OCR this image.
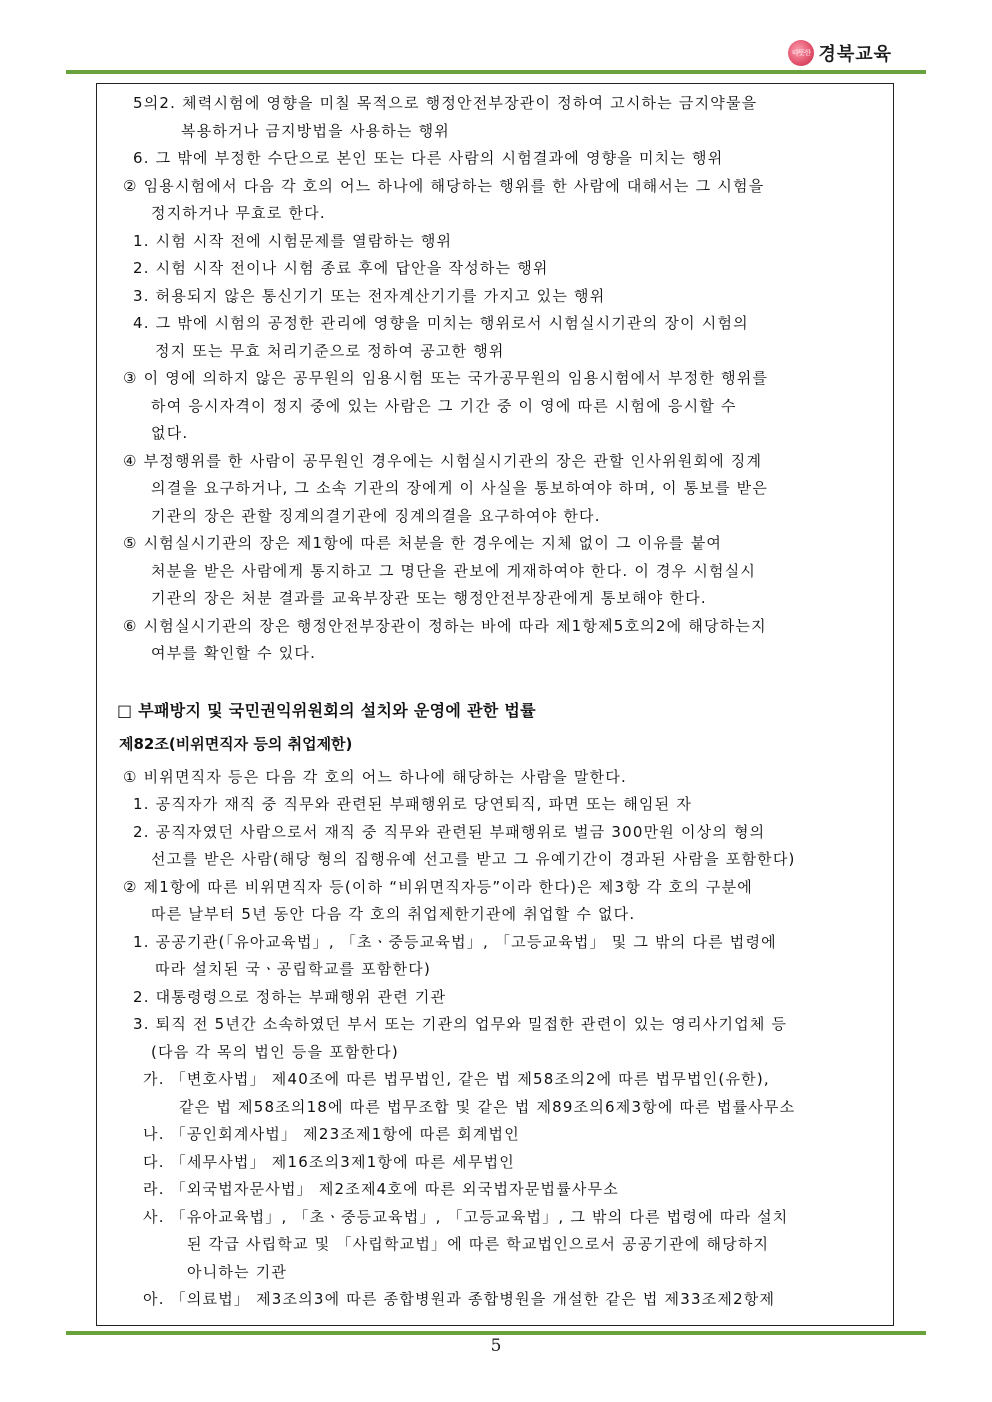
따뜻한 경북교육
5의2. 체력시험에 영향을 미칠 목적으로 행정안전부장관이 정하여 고시하는 금지약물을
복용하거나 금지방법을 사용하는 행위
6. 그 밖에 부정한 수단으로 본인 또는 다른 사람의 시험결과에 영향을 미치는 행위
② 임용시험에서 다음 각 호의 어느 하나에 해당하는 행위를 한 사람에 대해서는 그 시험을
정지하거나 무효로 한다.
1. 시험 시작 전에 시험문제를 열람하는 행위
2. 시험 시작 전이나 시험 종료 후에 답안을 작성하는 행위
3. 허용되지 않은 통신기기 또는 전자계산기기를 가지고 있는 행위
4. 그 밖에 시험의 공정한 관리에 영향을 미치는 행위로서 시험실시기관의 장이 시험의
정지 또는 무효 처리기준으로 정하여 공고한 행위
③ 이 영에 의하지 않은 공무원의 임용시험 또는 국가공무원의 임용시험에서 부정한 행위를
하여 응시자격이 정지 중에 있는 사람은 그 기간 중 이 영에 따른 시험에 응시할 수
없다.
④ 부정행위를 한 사람이 공무원인 경우에는 시험실시기관의 장은 관할 인사위원회에 징계
의결을 요구하거나, 그 소속 기관의 장에게 이 사실을 통보하여야 하며, 이 통보를 받은
기관의 장은 관할 징계의결기관에 징계의결을 요구하여야 한다.
⑤ 시험실시기관의 장은 제1항에 따른 처분을 한 경우에는 지체 없이 그 이유를 붙여
처분을 받은 사람에게 통지하고 그 명단을 관보에 게재하여야 한다. 이 경우 시험실시
기관의 장은 처분 결과를 교육부장관 또는 행정안전부장관에게 통보해야 한다.
⑥ 시험실시기관의 장은 행정안전부장관이 정하는 바에 따라 제1항제5호의2에 해당하는지
여부를 확인할 수 있다.
□ 부패방지 및 국민권익위원회의 설치와 운영에 관한 법률
제82조(비위면직자 등의 취업제한)
① 비위면직자 등은 다음 각 호의 어느 하나에 해당하는 사람을 말한다.
1. 공직자가 재직 중 직무와 관련된 부패행위로 당연퇴직, 파면 또는 해임된 자
2. 공직자였던 사람으로서 재직 중 직무와 관련된 부패행위로 벌금 300만원 이상의 형의
선고를 받은 사람(해당 형의 집행유예 선고를 받고 그 유예기간이 경과된 사람을 포함한다)
② 제1항에 따른 비위면직자 등(이하 “비위면직자등”이라 한다)은 제3항 각 호의 구분에
따른 날부터 5년 동안 다음 각 호의 취업제한기관에 취업할 수 없다.
1. 공공기관(「유아교육법」, 「초ㆍ중등교육법」, 「고등교육법」 및 그 밖의 다른 법령에
따라 설치된 국ㆍ공립학교를 포함한다)
2. 대통령령으로 정하는 부패행위 관련 기관
3. 퇴직 전 5년간 소속하였던 부서 또는 기관의 업무와 밀접한 관련이 있는 영리사기업체 등
(다음 각 목의 법인 등을 포함한다)
가. 「변호사법」 제40조에 따른 법무법인, 같은 법 제58조의2에 따른 법무법인(유한),
같은 법 제58조의18에 따른 법무조합 및 같은 법 제89조의6제3항에 따른 법률사무소
나. 「공인회계사법」 제23조제1항에 따른 회계법인
다. 「세무사법」 제16조의3제1항에 따른 세무법인
라. 「외국법자문사법」 제2조제4호에 따른 외국법자문법률사무소
사. 「유아교육법」, 「초ㆍ중등교육법」, 「고등교육법」, 그 밖의 다른 법령에 따라 설치
된 각급 사립학교 및 「사립학교법」에 따른 학교법인으로서 공공기관에 해당하지
아니하는 기관
아. 「의료법」 제3조의3에 따른 종합병원과 종합병원을 개설한 같은 법 제33조제2항제
5
